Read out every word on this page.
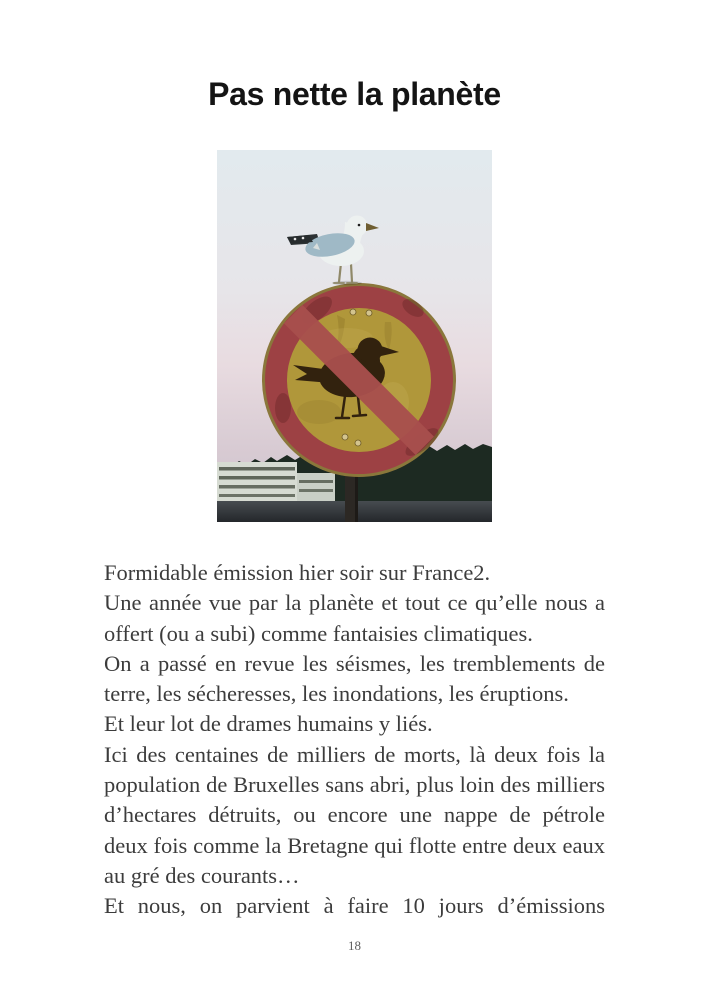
Pas nette la planète

Formidable émission hier soir sur France2.

Une année vue par la planète et tout ce qu’elle nous a offert (ou a subi) comme fantaisies climatiques.

On a passé en revue les séismes, les tremblements de terre, les sécheresses, les inondations, les éruptions.

Et leur lot de drames humains y liés.

Ici des centaines de milliers de morts, là deux fois la population de Bruxelles sans abri, plus loin des milliers d’hectares détruits, ou encore une nappe de pétrole deux fois comme la Bretagne qui flotte entre deux eaux au gré des courants…

Et nous, on parvient à faire 10 jours d’émissions

18
